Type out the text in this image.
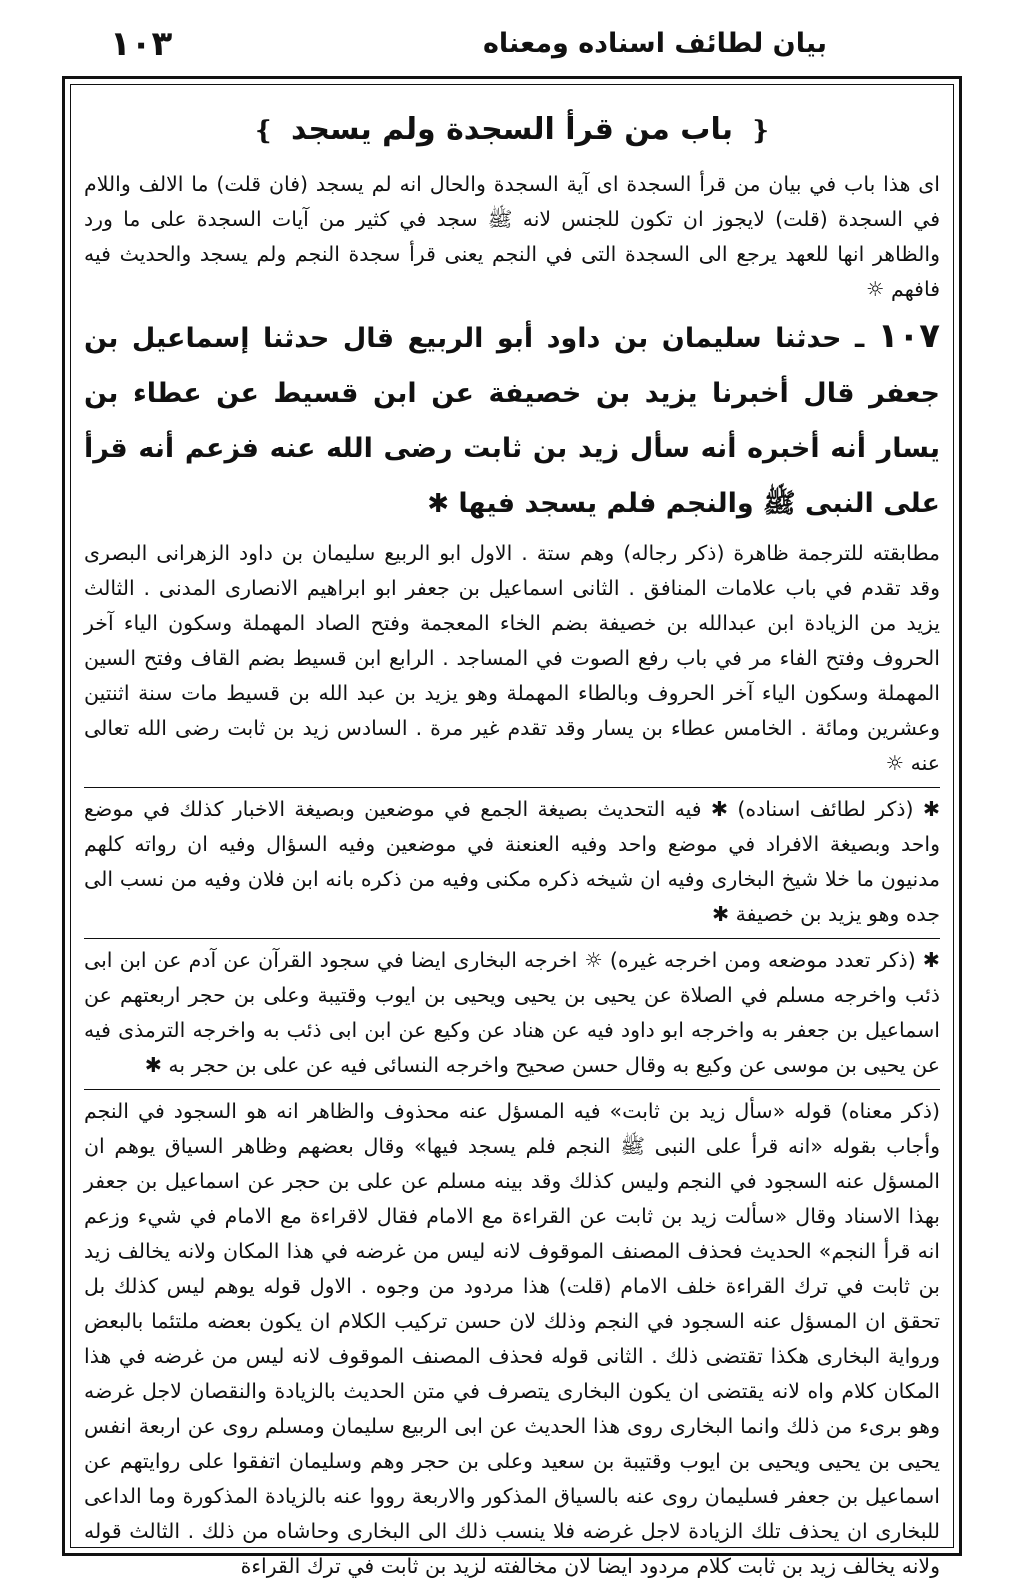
بیان لطائف اسناده ومعناه
١٠٣
❴ باب من قرأ السجدة ولم يسجد ❵

اى هذا باب في بيان من قرأ السجدة اى آية السجدة والحال انه لم يسجد (فان قلت) ما الالف واللام في السجدة (قلت) لايجوز ان تكون للجنس لانه ﷺ سجد في كثير من آيات السجدة على ما ورد والظاهر انها للعهد يرجع الى السجدة التى في النجم يعنى قرأ سجدة النجم ولم يسجد والحديث فيه فافهم ☼

١٠٧ ـ حدثنا سليمان بن داود أبو الربيع قال حدثنا إسماعيل بن جعفر قال أخبرنا يزيد بن خصيفة عن ابن قسيط عن عطاء بن يسار أنه أخبره أنه سأل زيد بن ثابت رضى الله عنه فزعم أنه قرأ على النبى ﷺ والنجم فلم يسجد فيها ✱

مطابقته للترجمة ظاهرة (ذكر رجاله) وهم ستة . الاول ابو الربيع سليمان بن داود الزهرانى البصرى وقد تقدم في باب علامات المنافق . الثانى اسماعيل بن جعفر ابو ابراهيم الانصارى المدنى . الثالث يزيد من الزيادة ابن عبدالله بن خصيفة بضم الخاء المعجمة وفتح الصاد المهملة وسكون الياء آخر الحروف وفتح الفاء مر في باب رفع الصوت في المساجد . الرابع ابن قسيط بضم القاف وفتح السين المهملة وسكون الياء آخر الحروف وبالطاء المهملة وهو يزيد بن عبد الله بن قسيط مات سنة اثنتين وعشرين ومائة . الخامس عطاء بن يسار وقد تقدم غير مرة . السادس زيد بن ثابت رضى الله تعالى عنه ☼

✱ (ذكر لطائف اسناده) ✱ فيه التحديث بصيغة الجمع في موضعين وبصيغة الاخبار كذلك في موضع واحد وبصيغة الافراد في موضع واحد وفيه العنعنة في موضعين وفيه السؤال وفيه ان رواته كلهم مدنيون ما خلا شيخ البخارى وفيه ان شيخه ذكره مكنى وفيه من ذكره بانه ابن فلان وفيه من نسب الى جده وهو يزيد بن خصيفة ✱

✱ (ذكر تعدد موضعه ومن اخرجه غيره) ☼ اخرجه البخارى ايضا في سجود القرآن عن آدم عن ابن ابى ذئب واخرجه مسلم في الصلاة عن يحيى بن يحيى ويحيى بن ايوب وقتيبة وعلى بن حجر اربعتهم عن اسماعيل بن جعفر به واخرجه ابو داود فيه عن هناد عن وكيع عن ابن ابى ذئب به واخرجه الترمذى فيه عن يحيى بن موسى عن وكيع به وقال حسن صحيح واخرجه النسائى فيه عن على بن حجر به ✱

(ذكر معناه) قوله «سأل زيد بن ثابت» فيه المسؤل عنه محذوف والظاهر انه هو السجود في النجم وأجاب بقوله «انه قرأ على النبى ﷺ النجم فلم يسجد فيها» وقال بعضهم وظاهر السياق يوهم ان المسؤل عنه السجود في النجم وليس كذلك وقد بينه مسلم عن على بن حجر عن اسماعيل بن جعفر بهذا الاسناد وقال «سألت زيد بن ثابت عن القراءة مع الامام فقال لاقراءة مع الامام في شيء وزعم انه قرأ النجم» الحديث فحذف المصنف الموقوف لانه ليس من غرضه في هذا المكان ولانه يخالف زيد بن ثابت في ترك القراءة خلف الامام (قلت) هذا مردود من وجوه . الاول قوله يوهم ليس كذلك بل تحقق ان المسؤل عنه السجود في النجم وذلك لان حسن تركيب الكلام ان يكون بعضه ملتئما بالبعض ورواية البخارى هكذا تقتضى ذلك . الثانى قوله فحذف المصنف الموقوف لانه ليس من غرضه في هذا المكان كلام واه لانه يقتضى ان يكون البخارى يتصرف في متن الحديث بالزيادة والنقصان لاجل غرضه وهو برىء من ذلك وانما البخارى روى هذا الحديث عن ابى الربيع سليمان ومسلم روى عن اربعة انفس يحيى بن يحيى ويحيى بن ايوب وقتيبة بن سعيد وعلى بن حجر وهم وسليمان اتفقوا على روايتهم عن اسماعيل بن جعفر فسليمان روى عنه بالسياق المذكور والاربعة رووا عنه بالزيادة المذكورة وما الداعى للبخارى ان يحذف تلك الزيادة لاجل غرضه فلا ينسب ذلك الى البخارى وحاشاه من ذلك . الثالث قوله ولانه يخالف زيد بن ثابت كلام مردود ايضا لان مخالفته لزيد بن ثابت في ترك القراءة
